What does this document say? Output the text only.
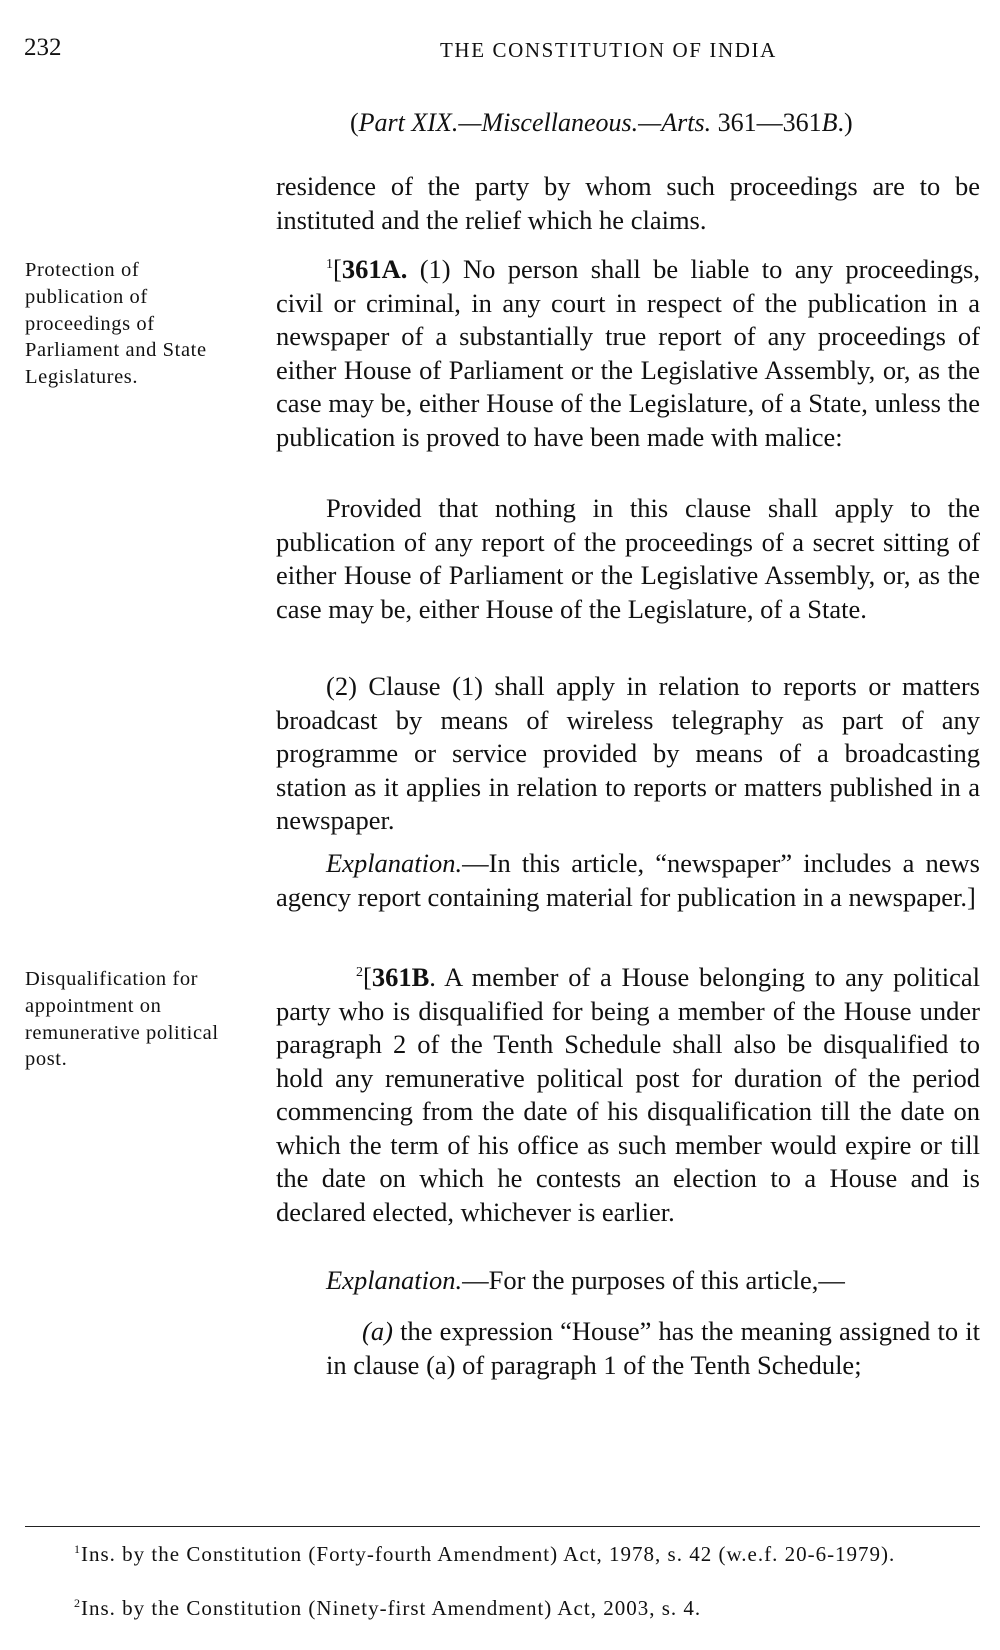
232	THE CONSTITUTION OF INDIA
(Part XIX.—Miscellaneous.—Arts. 361—361B.)
Protection of publication of proceedings of Parliament and State Legislatures.
Disqualification for appointment on remunerative political post.

residence of the party by whom such proceedings are to be instituted and the relief which he claims.

$^1$[361A. (1) No person shall be liable to any proceedings, civil or criminal, in any court in respect of the publication in a newspaper of a substantially true report of any proceedings of either House of Parliament or the Legislative Assembly, or, as the case may be, either House of the Legislature, of a State, unless the publication is proved to have been made with malice:

Provided that nothing in this clause shall apply to the publication of any report of the proceedings of a secret sitting of either House of Parliament or the Legislative Assembly, or, as the case may be, either House of the Legislature, of a State.

(2) Clause (1) shall apply in relation to reports or matters broadcast by means of wireless telegraphy as part of any programme or service provided by means of a broadcasting station as it applies in relation to reports or matters published in a newspaper.

Explanation.—In this article, “newspaper” includes a news agency report containing material for publication in a newspaper.]

$^2$[361B. A member of a House belonging to any political party who is disqualified for being a member of the House under paragraph 2 of the Tenth Schedule shall also be disqualified to hold any remunerative political post for duration of the period commencing from the date of his disqualification till the date on which the term of his office as such member would expire or till the date on which he contests an election to a House and is declared elected, whichever is earlier.

Explanation.—For the purposes of this article,—

(a) the expression “House” has the meaning assigned to it in clause (a) of paragraph 1 of the Tenth Schedule;

$^1$Ins. by the Constitution (Forty-fourth Amendment) Act, 1978, s. 42 (w.e.f. 20-6-1979).
$^2$Ins. by the Constitution (Ninety-first Amendment) Act, 2003, s. 4.
